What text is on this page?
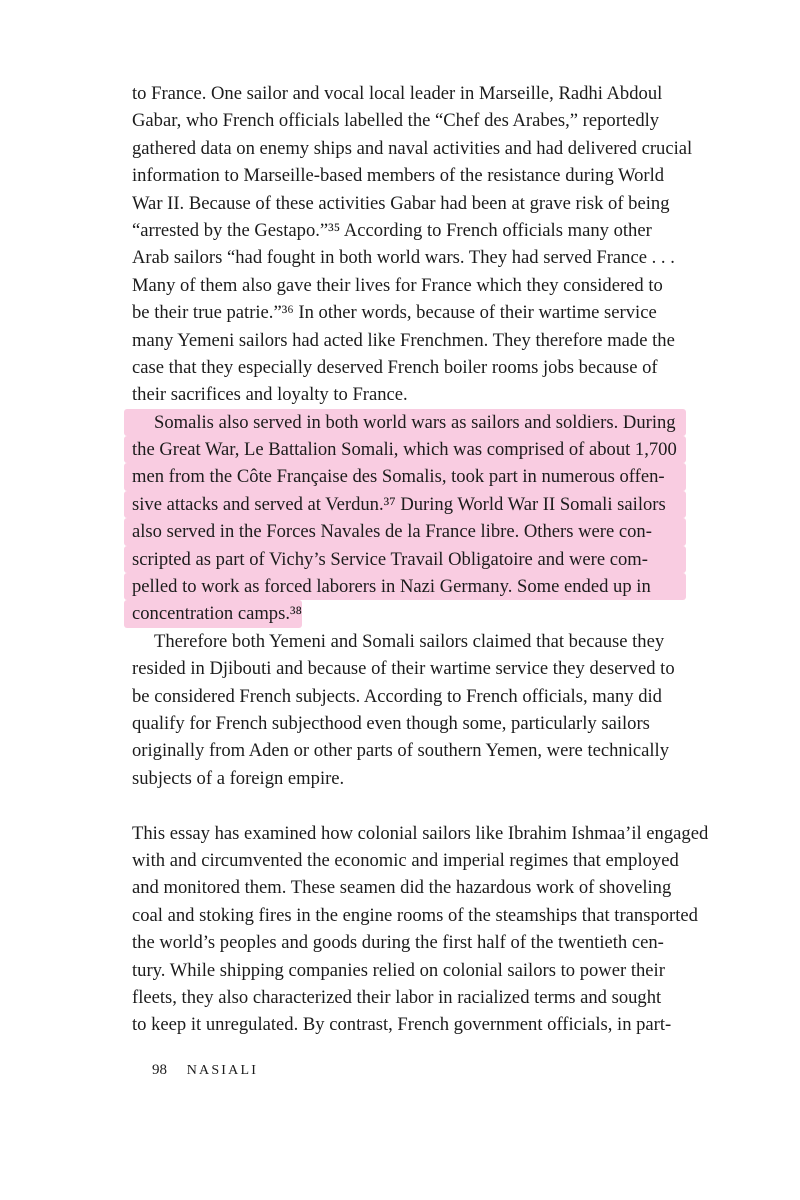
to France. One sailor and vocal local leader in Marseille, Radhi Abdoul
Gabar, who French officials labelled the “Chef des Arabes,” reportedly
gathered data on enemy ships and naval activities and had delivered crucial
information to Marseille-based members of the resistance during World
War II. Because of these activities Gabar had been at grave risk of being
“arrested by the Gestapo.”³⁵ According to French officials many other
Arab sailors “had fought in both world wars. They had served France . . .
Many of them also gave their lives for France which they considered to
be their true patrie.”³⁶ In other words, because of their wartime service
many Yemeni sailors had acted like Frenchmen. They therefore made the
case that they especially deserved French boiler rooms jobs because of
their sacrifices and loyalty to France.
Somalis also served in both world wars as sailors and soldiers. During
the Great War, Le Battalion Somali, which was comprised of about 1,700
men from the Côte Française des Somalis, took part in numerous offen-
sive attacks and served at Verdun.³⁷ During World War II Somali sailors
also served in the Forces Navales de la France libre. Others were con-
scripted as part of Vichy’s Service Travail Obligatoire and were com-
pelled to work as forced laborers in Nazi Germany. Some ended up in
concentration camps.³⁸
Therefore both Yemeni and Somali sailors claimed that because they
resided in Djibouti and because of their wartime service they deserved to
be considered French subjects. According to French officials, many did
qualify for French subjecthood even though some, particularly sailors
originally from Aden or other parts of southern Yemen, were technically
subjects of a foreign empire.
This essay has examined how colonial sailors like Ibrahim Ishmaa’il engaged
with and circumvented the economic and imperial regimes that employed
and monitored them. These seamen did the hazardous work of shoveling
coal and stoking fires in the engine rooms of the steamships that transported
the world’s peoples and goods during the first half of the twentieth cen-
tury. While shipping companies relied on colonial sailors to power their
fleets, they also characterized their labor in racialized terms and sought
to keep it unregulated. By contrast, French government officials, in part-
98 NASIALI
